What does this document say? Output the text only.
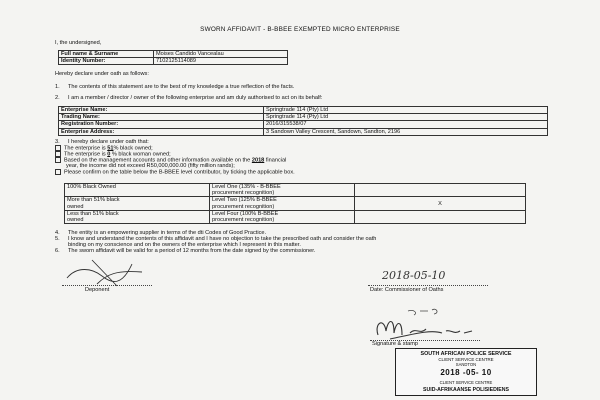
SWORN AFFIDAVIT - B-BBEE EXEMPTED MICRO ENTERPRISE
I, the undersigned,
Full name & Surname	Moises Candido Vancealau
Identity Number:	7102125114089
Hereby declare under oath as follows:
1. The contents of this statement are to the best of my knowledge a true reflection of the facts.
2. I am a member / director / owner of the following enterprise and am duly authorised to act on its behalf:
Enterprise Name:	Springtrade 114 (Pty) Ltd
Trading Name:	Springtrade 114 (Pty) Ltd
Registration Number:	2016/315538/07
Enterprise Address:	3 Sandown Valley Crescent, Sandown, Sandton, 2196
3. I hereby declare under oath that:
The enterprise is 51% black owned;
The enterprise is 0 % black woman owned;
Based on the management accounts and other information available on the 2018 financial
year, the income did not exceed R50,000,000.00 (fifty million rands);
Please confirm on the table below the B-BBEE level contributor, by ticking the applicable box.
100% Black Owned	Level One (135% - B-BBEE
procurement recognition)	
More than 51% black
owned	Level Two (125% B-BBEE
procurement recognition)	X
Less than 51% black
owned	Level Four (100% B-BBEE
procurement recognition)	
4. The entity is an empowering supplier in terms of the dti Codes of Good Practice.
5. I know and understand the contents of this affidavit and I have no objection to take the prescribed oath and consider the oath
binding on my conscience and on the owners of the enterprise which I represent in this matter.
6. The sworn affidavit will be valid for a period of 12 months from the date signed by the commissioner.
Deponent
2018-05-10
Date: Commissioner of Oaths
Signature & stamp
SOUTH AFRICAN POLICE SERVICE
CLIENT SERVICE CENTRE
SANDTON
2018 -05- 10
CLIENT SERVICE CENTRE
SUID-AFRIKAANSE POLISIEDIENS
